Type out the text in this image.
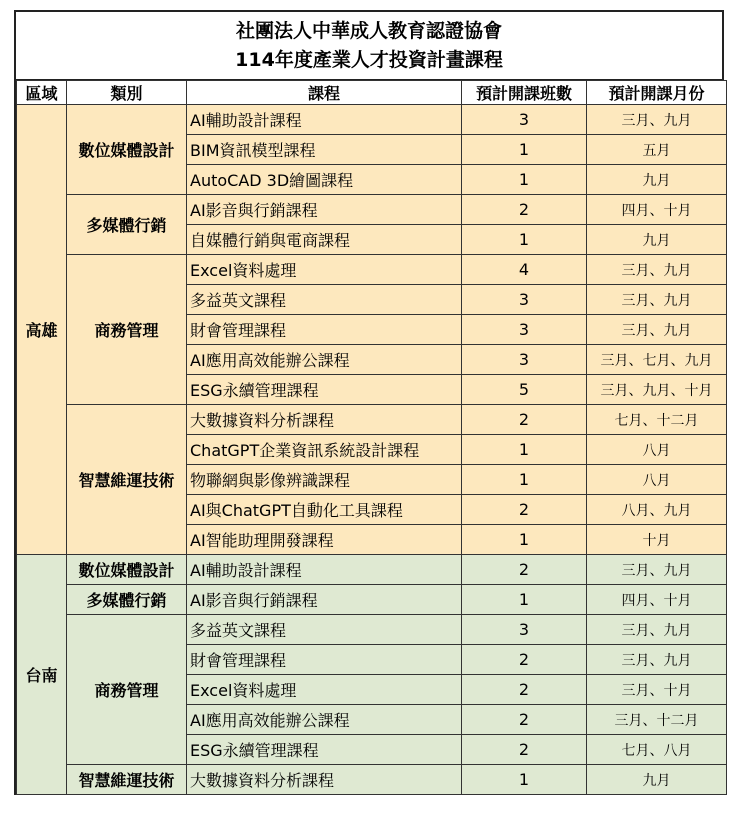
社團法人中華成人教育認證協會
114年度產業人才投資計畫課程
區域	類別	課程	預計開課班數	預計開課月份
高雄	數位媒體設計	AI輔助設計課程	3	三月、九月
		BIM資訊模型課程	1	五月
		AutoCAD 3D繪圖課程	1	九月
	多媒體行銷	AI影音與行銷課程	2	四月、十月
		自媒體行銷與電商課程	1	九月
	商務管理	Excel資料處理	4	三月、九月
		多益英文課程	3	三月、九月
		財會管理課程	3	三月、九月
		AI應用高效能辦公課程	3	三月、七月、九月
		ESG永續管理課程	5	三月、九月、十月
	智慧維運技術	大數據資料分析課程	2	七月、十二月
		ChatGPT企業資訊系統設計課程	1	八月
		物聯網與影像辨識課程	1	八月
		AI與ChatGPT自動化工具課程	2	八月、九月
		AI智能助理開發課程	1	十月
台南	數位媒體設計	AI輔助設計課程	2	三月、九月
	多媒體行銷	AI影音與行銷課程	1	四月、十月
	商務管理	多益英文課程	3	三月、九月
		財會管理課程	2	三月、九月
		Excel資料處理	2	三月、十月
		AI應用高效能辦公課程	2	三月、十二月
		ESG永續管理課程	2	七月、八月
	智慧維運技術	大數據資料分析課程	1	九月
